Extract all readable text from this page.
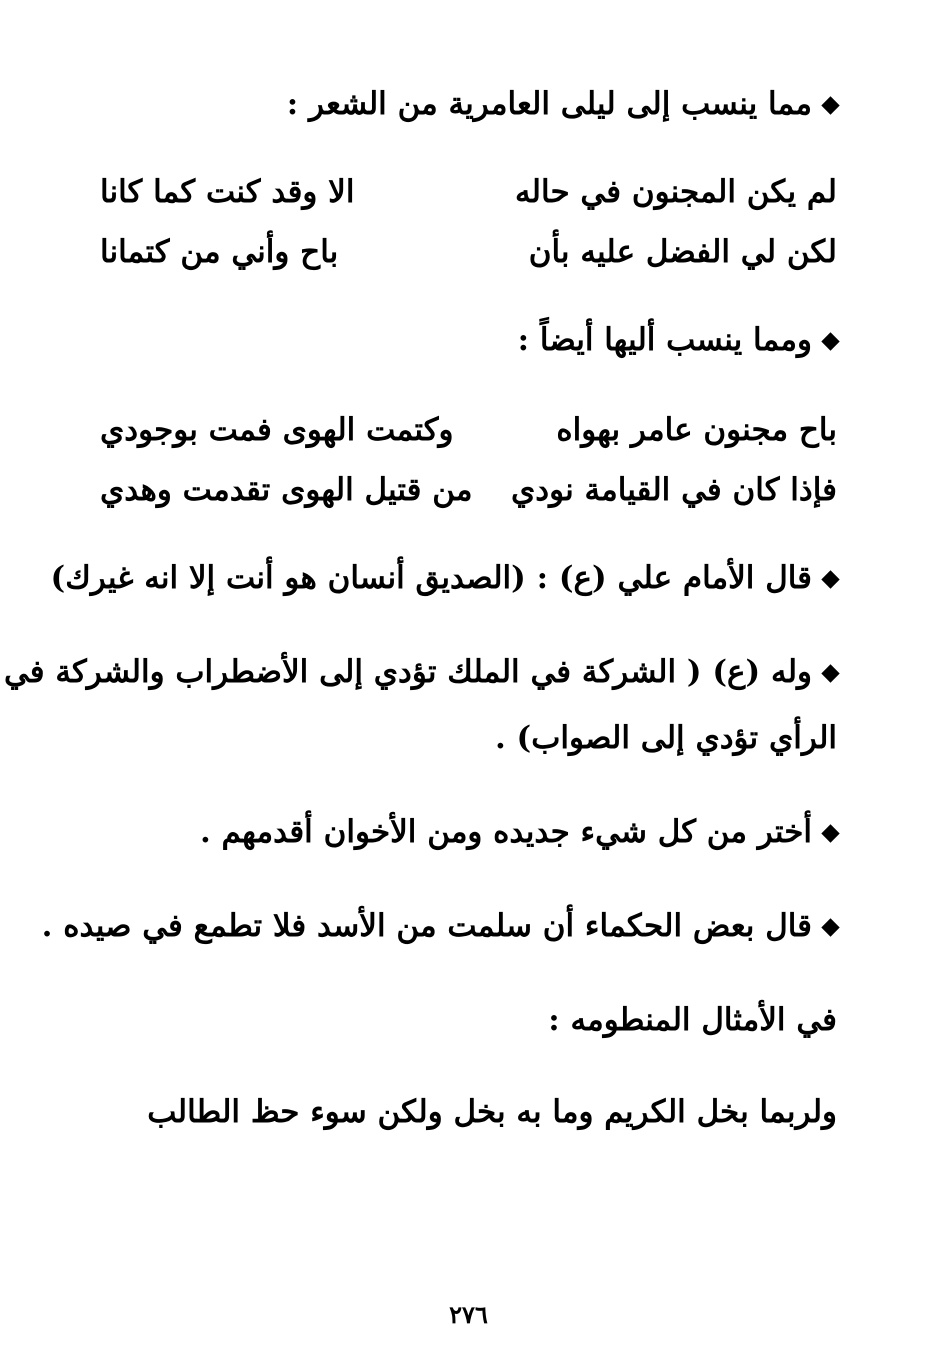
مما ينسب إلى ليلى العامرية من الشعر :

لم يكن المجنون في حاله
الا وقد كنت كما كانا
لكن لي الفضل عليه بأن
باح وأني من كتمانا

ومما ينسب أليها أيضاً :

باح مجنون عامر بهواه
وكتمت الهوى فمت بوجودي
فإذا كان في القيامة نودي
من قتيل الهوى تقدمت وهدي

قال الأمام علي (ع) : (الصديق أنسان هو أنت إلا انه غيرك)

وله (ع) ( الشركة في الملك تؤدي إلى الأضطراب والشركة في

الرأي تؤدي إلى الصواب) .

أختر من كل شيء جديده ومن الأخوان أقدمهم .

قال بعض الحكماء أن سلمت من الأسد فلا تطمع في صيده .

في الأمثال المنطومه :

ولربما بخل الكريم وما به بخل ولكن سوء حظ الطالب

٢٧٦
